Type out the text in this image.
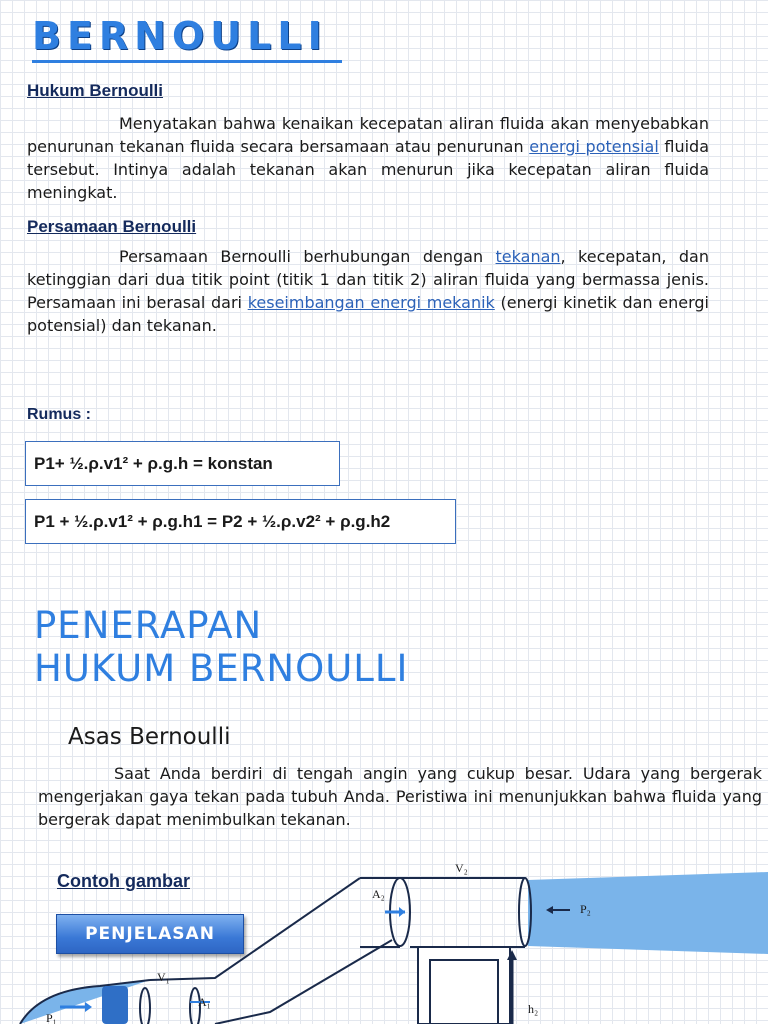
BERNOULLI
Hukum Bernoulli
Menyatakan bahwa kenaikan kecepatan aliran fluida akan menyebabkan penurunan tekanan fluida secara bersamaan atau penurunan energi potensial fluida tersebut. Intinya adalah tekanan akan menurun jika kecepatan aliran fluida meningkat.
Persamaan Bernoulli
Persamaan Bernoulli berhubungan dengan tekanan, kecepatan, dan ketinggian dari dua titik point (titik 1 dan titik 2) aliran fluida yang bermassa jenis. Persamaan ini berasal dari keseimbangan energi mekanik (energi kinetik dan energi potensial) dan tekanan.
Rumus :
P1+ ½.ρ.v1² + ρ.g.h = konstan
P1 + ½.ρ.v1² + ρ.g.h1 = P2 + ½.ρ.v2² + ρ.g.h2
PENERAPAN
HUKUM BERNOULLI
Asas Bernoulli
Saat Anda berdiri di tengah angin yang cukup besar. Udara yang bergerak mengerjakan gaya tekan pada tubuh Anda. Peristiwa ini menunjukkan bahwa fluida yang bergerak dapat menimbulkan tekanan.
Contoh gambar
PENJELASAN
V₂
A₂
P₂
V₁
A₁
P₁
h₂
